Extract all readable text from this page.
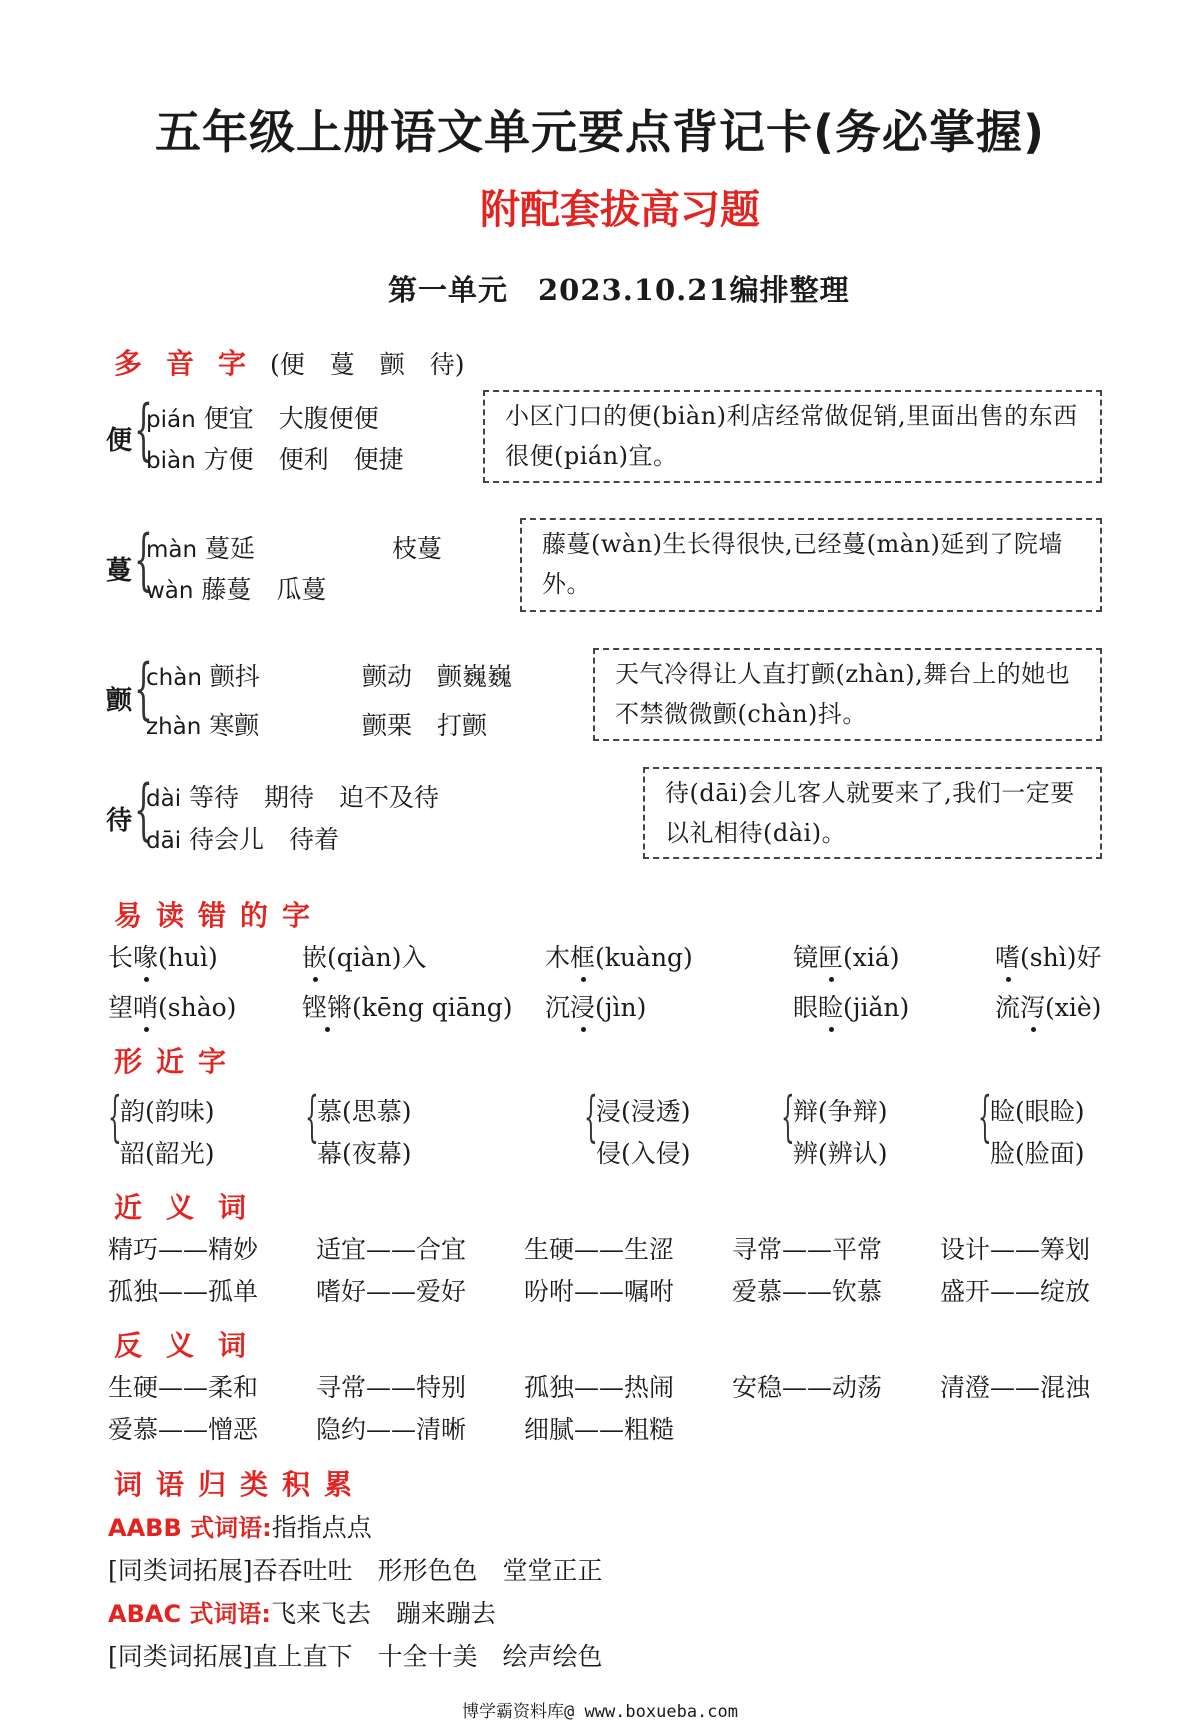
五年级上册语文单元要点背记卡(务必掌握)
附配套拔高习题
第一单元　2023.10.21编排整理
多音字(便　蔓　颤　待)
便 {
pián 便宜　大腹便便
biàn 方便　便利　便捷
小区门口的便(biàn)利店经常做促销,里面出售的东西很便(pián)宜。
蔓 {
màn 蔓延	枝蔓
wàn 藤蔓　瓜蔓
藤蔓(wàn)生长得很快,已经蔓(màn)延到了院墙外。
颤 {
chàn 颤抖	颤动　颤巍巍
zhàn 寒颤	颤栗　打颤
天气冷得让人直打颤(zhàn),舞台上的她也不禁微微颤(chàn)抖。
待 {
dài 等待　期待　迫不及待
dāi 待会儿　待着
待(dāi)会儿客人就要来了,我们一定要以礼相待(dài)。
易读错的字
长喙(huì)	嵌(qiàn)入	木框(kuàng)	镜匣(xiá)	嗜(shì)好
望哨(shào)	铿锵(kēng qiāng) 沉浸(jìn)	眼睑(jiǎn)	流泻(xiè)
形近字
{
韵(韵味)
韶(韶光)
{
慕(思慕)
幕(夜幕)
{
浸(浸透)
侵(入侵)
{
辩(争辩)
辨(辨认)
{
睑(眼睑)
脸(脸面)
近义词
精巧——精妙 适宜——合宜 生硬——生涩 寻常——平常 设计——筹划
孤独——孤单 嗜好——爱好 吩咐——嘱咐 爱慕——钦慕 盛开——绽放
反义词
生硬——柔和 寻常——特别 孤独——热闹 安稳——动荡 清澄——混浊
爱慕——憎恶 隐约——清晰 细腻——粗糙
词语归类积累
AABB 式词语:指指点点
[同类词拓展]吞吞吐吐　形形色色　堂堂正正
ABAC 式词语:飞来飞去　蹦来蹦去
[同类词拓展]直上直下　十全十美　绘声绘色
博学霸资料库@ www.boxueba.com
